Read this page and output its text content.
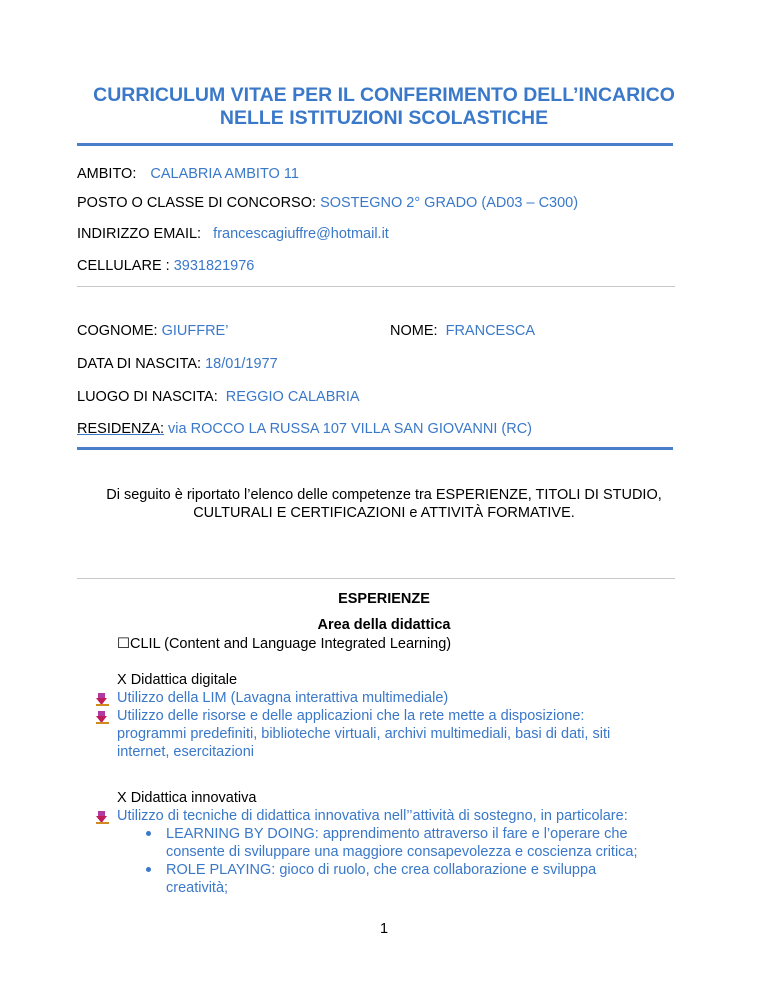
CURRICULUM VITAE PER IL CONFERIMENTO DELL’INCARICO
NELLE ISTITUZIONI SCOLASTICHE
AMBITO: CALABRIA AMBITO 11
POSTO O CLASSE DI CONCORSO: SOSTEGNO 2° GRADO (AD03 – C300)
INDIRIZZO EMAIL: francescagiuffre@hotmail.it
CELLULARE : 3931821976
COGNOME: GIUFFRE’	NOME: FRANCESCA
DATA DI NASCITA: 18/01/1977
LUOGO DI NASCITA: REGGIO CALABRIA
RESIDENZA: via ROCCO LA RUSSA 107 VILLA SAN GIOVANNI (RC)
Di seguito è riportato l’elenco delle competenze tra ESPERIENZE, TITOLI DI STUDIO,
CULTURALI E CERTIFICAZIONI e ATTIVITÀ FORMATIVE.
ESPERIENZE
Area della didattica
☐CLIL (Content and Language Integrated Learning)
Χ Didattica digitale
Utilizzo della LIM (Lavagna interattiva multimediale)
Utilizzo delle risorse e delle applicazioni che la rete mette a disposizione:
programmi predefiniti, biblioteche virtuali, archivi multimediali, basi di dati, siti
internet, esercitazioni
Χ Didattica innovativa
Utilizzo di tecniche di didattica innovativa nell’’attività di sostegno, in particolare:
LEARNING BY DOING: apprendimento attraverso il fare e l’operare che
consente di sviluppare una maggiore consapevolezza e coscienza critica;
ROLE PLAYING: gioco di ruolo, che crea collaborazione e sviluppa
creatività;
1
